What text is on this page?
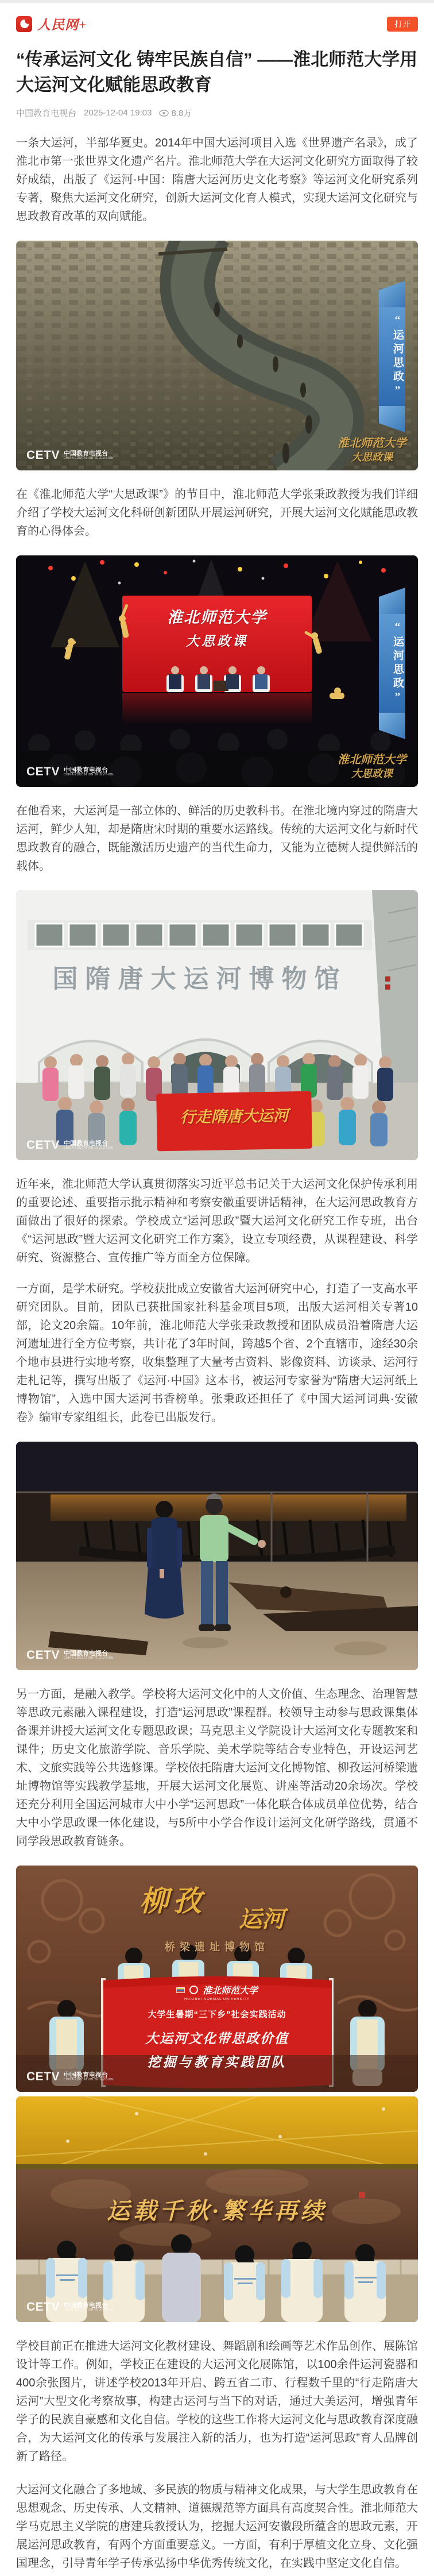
人民网+	打开
“传承运河文化 铸牢民族自信” ——淮北师范大学用大运河文化赋能思政教育
中国教育电视台 2025-12-04 19:03 8.8万

一条大运河，半部华夏史。2014年中国大运河项目入选《世界遗产名录》，成了淮北市第一张世界文化遗产名片。淮北师范大学在大运河文化研究方面取得了较好成绩，出版了《运河·中国：隋唐大运河历史文化考察》等运河文化研究系列专著，聚焦大运河文化研究，创新大运河文化育人模式，实现大运河文化研究与思政教育改革的双向赋能。

“运河思政”
CETV 中国教育电视台
CHINA EDUCATION TELEVISION
淮北师范大学
大思政课

在《淮北师范大学“大思政课”》的节目中，淮北师范大学张秉政教授为我们详细介绍了学校大运河文化科研创新团队开展运河研究，开展大运河文化赋能思政教育的心得体会。

淮北师范大学
大思政课	“运河思政”
CETV 中国教育电视台
CHINA EDUCATION TELEVISION
淮北师范大学
大思政课

在他看来，大运河是一部立体的、鲜活的历史教科书。在淮北境内穿过的隋唐大运河，鲜少人知，却是隋唐宋时期的重要水运路线。传统的大运河文化与新时代思政教育的融合，既能激活历史遗产的当代生命力，又能为立德树人提供鲜活的载体。

国隋唐大运河博物馆
行走隋唐大运河
CETV 中国教育电视台
CHINA EDUCATION TELEVISION

近年来，淮北师范大学认真贯彻落实习近平总书记关于大运河文化保护传承利用的重要论述、重要指示批示精神和考察安徽重要讲话精神，在大运河思政教育方面做出了很好的探索。学校成立“运河思政”暨大运河文化研究工作专班，出台《“运河思政”暨大运河文化研究工作方案》，设立专项经费，从课程建设、科学研究、资源整合、宣传推广等方面全方位保障。

一方面，是学术研究。学校获批成立安徽省大运河研究中心，打造了一支高水平研究团队。目前，团队已获批国家社科基金项目5项，出版大运河相关专著10部，论文20余篇。10年前，淮北师范大学张秉政教授和团队成员沿着隋唐大运河遗址进行全方位考察，共计花了3年时间，跨越5个省、2个直辖市，途经30余个地市县进行实地考察，收集整理了大量考古资料、影像资料、访谈录、运河行走札记等，撰写出版了《运河·中国》这本书，被运河专家誉为“隋唐大运河纸上博物馆”，入选中国大运河书香榜单。张秉政还担任了《中国大运河词典·安徽卷》编审专家组组长，此卷已出版发行。

CETV 中国教育电视台
CHINA EDUCATION TELEVISION

另一方面，是融入教学。学校将大运河文化中的人文价值、生态理念、治理智慧等思政元素融入课程建设，打造“运河思政”课程群。校领导主动参与思政课集体备课并讲授大运河文化专题思政课；马克思主义学院设计大运河文化专题教案和课件；历史文化旅游学院、音乐学院、美术学院等结合专业特色，开设运河艺术、文旅实践等公共选修课。学校依托隋唐大运河文化博物馆、柳孜运河桥梁遗址博物馆等实践教学基地，开展大运河文化展览、讲座等活动20余场次。学校还充分利用全国运河城市大中小学“运河思政”一体化联合体成员单位优势，结合大中小学思政课一体化建设，与5所中小学合作设计运河文化研学路线，贯通不同学段思政教育链条。

柳孜
运河
桥梁遗址博物馆
淮北师范大学
HUAIBEI NORMAL UNIVERSITY
大学生暑期“三下乡”社会实践活动
大运河文化带思政价值
挖掘与教育实践团队
CETV 中国教育电视台
CHINA EDUCATION TELEVISION
运载千秋·繁华再续
CETV 中国教育电视台
CHINA EDUCATION TELEVISION

学校目前正在推进大运河文化教材建设、舞蹈剧和绘画等艺术作品创作、展陈馆设计等工作。例如，学校正在建设的大运河文化展陈馆，以100余件运河瓷器和400余张图片，讲述学校2013年开启、跨五省二市、行程数千里的“行走隋唐大运河”大型文化考察故事，构建古运河与当下的对话，通过大美运河，增强青年学子的民族自豪感和文化自信。学校的这些工作将大运河文化与思政教育深度融合，为大运河文化的传承与发展注入新的活力，也为打造“运河思政”育人品牌创新了路径。

大运河文化融合了多地域、多民族的物质与精神文化成果，与大学生思政教育在思想观念、历史传承、人文精神、道德规范等方面具有高度契合性。淮北师范大学马克思主义学院的唐建兵教授认为，挖掘大运河安徽段所蕴含的思政元素，开展运河思政教育，有两个方面重要意义。一方面，有利于厚植文化立身、文化强国理念，引导青年学子传承弘扬中华优秀传统文化，在实践中坚定文化自信。
